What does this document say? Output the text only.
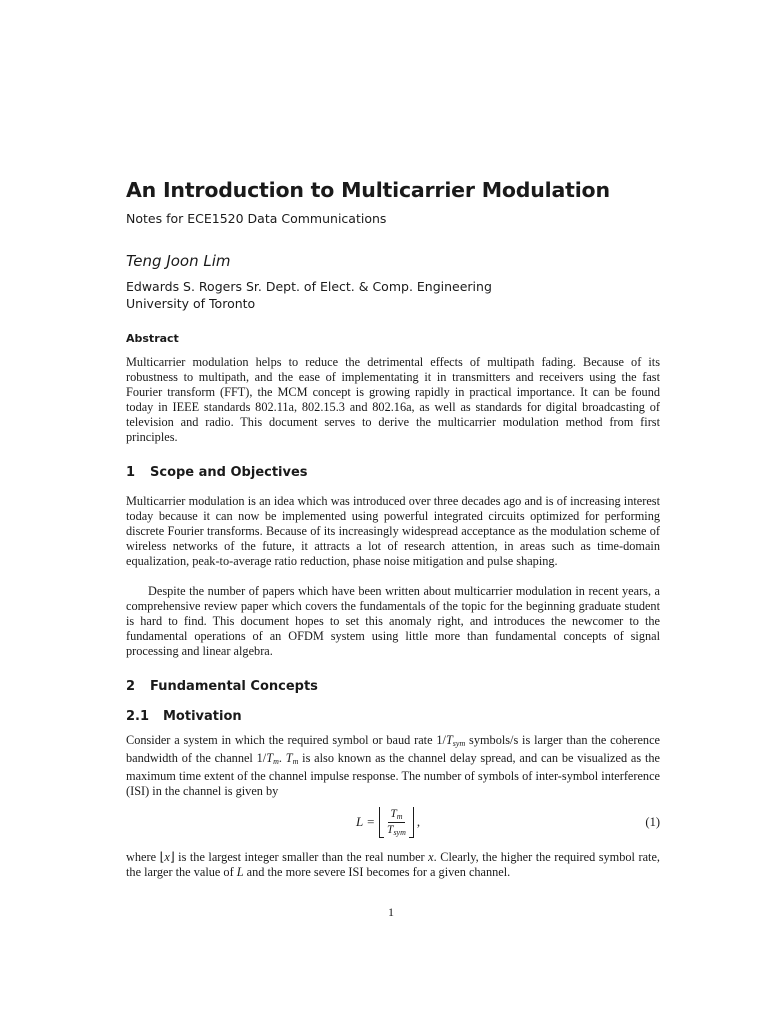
An Introduction to Multicarrier Modulation
Notes for ECE1520 Data Communications
Teng Joon Lim
Edwards S. Rogers Sr. Dept. of Elect. & Comp. Engineering
University of Toronto
Abstract

Multicarrier modulation helps to reduce the detrimental effects of multipath fading. Because of its robustness to multipath, and the ease of implementating it in transmitters and receivers using the fast Fourier transform (FFT), the MCM concept is growing rapidly in practical importance. It can be found today in IEEE standards 802.11a, 802.15.3 and 802.16a, as well as standards for digital broadcasting of television and radio. This document serves to derive the multicarrier modulation method from first principles.

1 Scope and Objectives

Multicarrier modulation is an idea which was introduced over three decades ago and is of increasing interest today because it can now be implemented using powerful integrated circuits optimized for performing discrete Fourier transforms. Because of its increasingly widespread acceptance as the modulation scheme of wireless networks of the future, it attracts a lot of research attention, in areas such as time-domain equalization, peak-to-average ratio reduction, phase noise mitigation and pulse shaping.

Despite the number of papers which have been written about multicarrier modulation in recent years, a comprehensive review paper which covers the fundamentals of the topic for the beginning graduate student is hard to find. This document hopes to set this anomaly right, and introduces the newcomer to the fundamental operations of an OFDM system using little more than fundamental concepts of signal processing and linear algebra.

2 Fundamental Concepts
2.1 Motivation

Consider a system in which the required symbol or baud rate $1/T_{sym}$ symbols/s is larger than the coherence bandwidth of the channel $1/T_m$. $T_m$ is also known as the channel delay spread, and can be visualized as the maximum time extent of the channel impulse response. The number of symbols of inter-symbol interference (ISI) in the channel is given by

$L = \frac{T_m}{T_{sym}}$ ,	(1)

where ⌊x⌋ is the largest integer smaller than the real number x. Clearly, the higher the required symbol rate, the larger the value of L and the more severe ISI becomes for a given channel.

1
